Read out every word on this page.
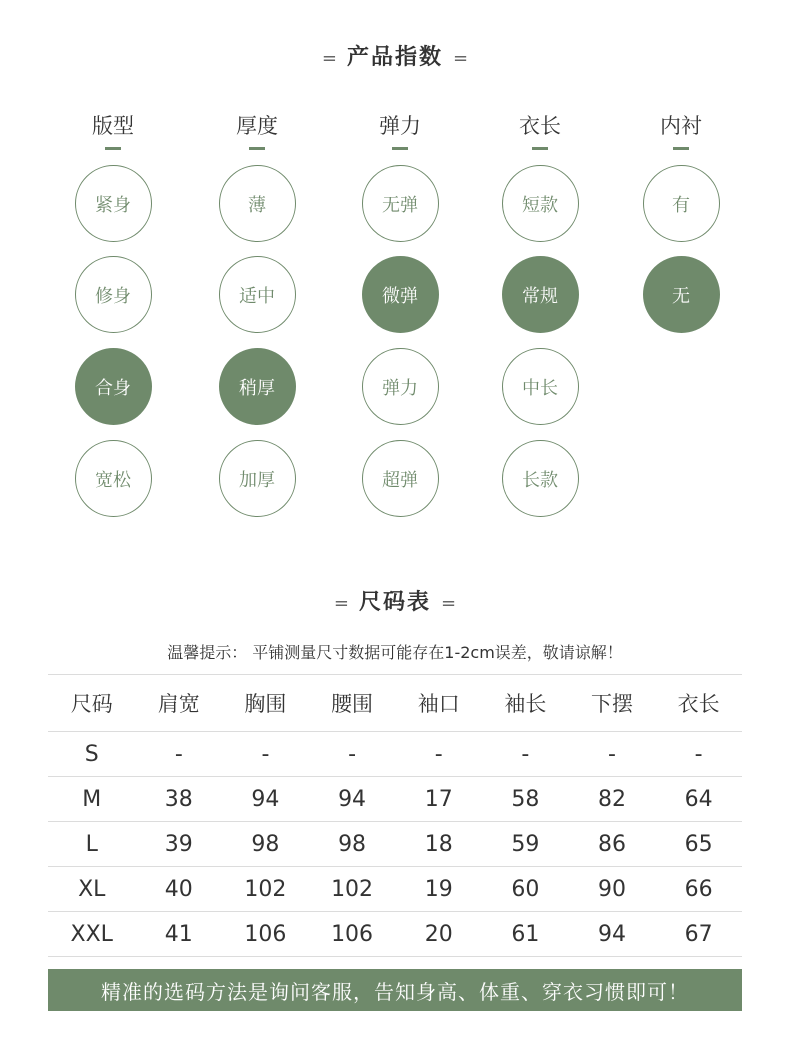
= 产品指数 =
版型
紧身
修身
合身
宽松
厚度
薄
适中
稍厚
加厚
弹力
无弹
微弹
弹力
超弹
衣长
短款
常规
中长
长款
内衬
有
无
= 尺码表 =
温馨提示： 平铺测量尺寸数据可能存在1-2cm误差，敬请谅解！
尺码	肩宽	胸围	腰围	袖口	袖长	下摆	衣长
S	-	-	-	-	-	-	-
M	38	94	94	17	58	82	64
L	39	98	98	18	59	86	65
XL	40	102	102	19	60	90	66
XXL	41	106	106	20	61	94	67
精准的选码方法是询问客服，告知身高、体重、穿衣习惯即可！
